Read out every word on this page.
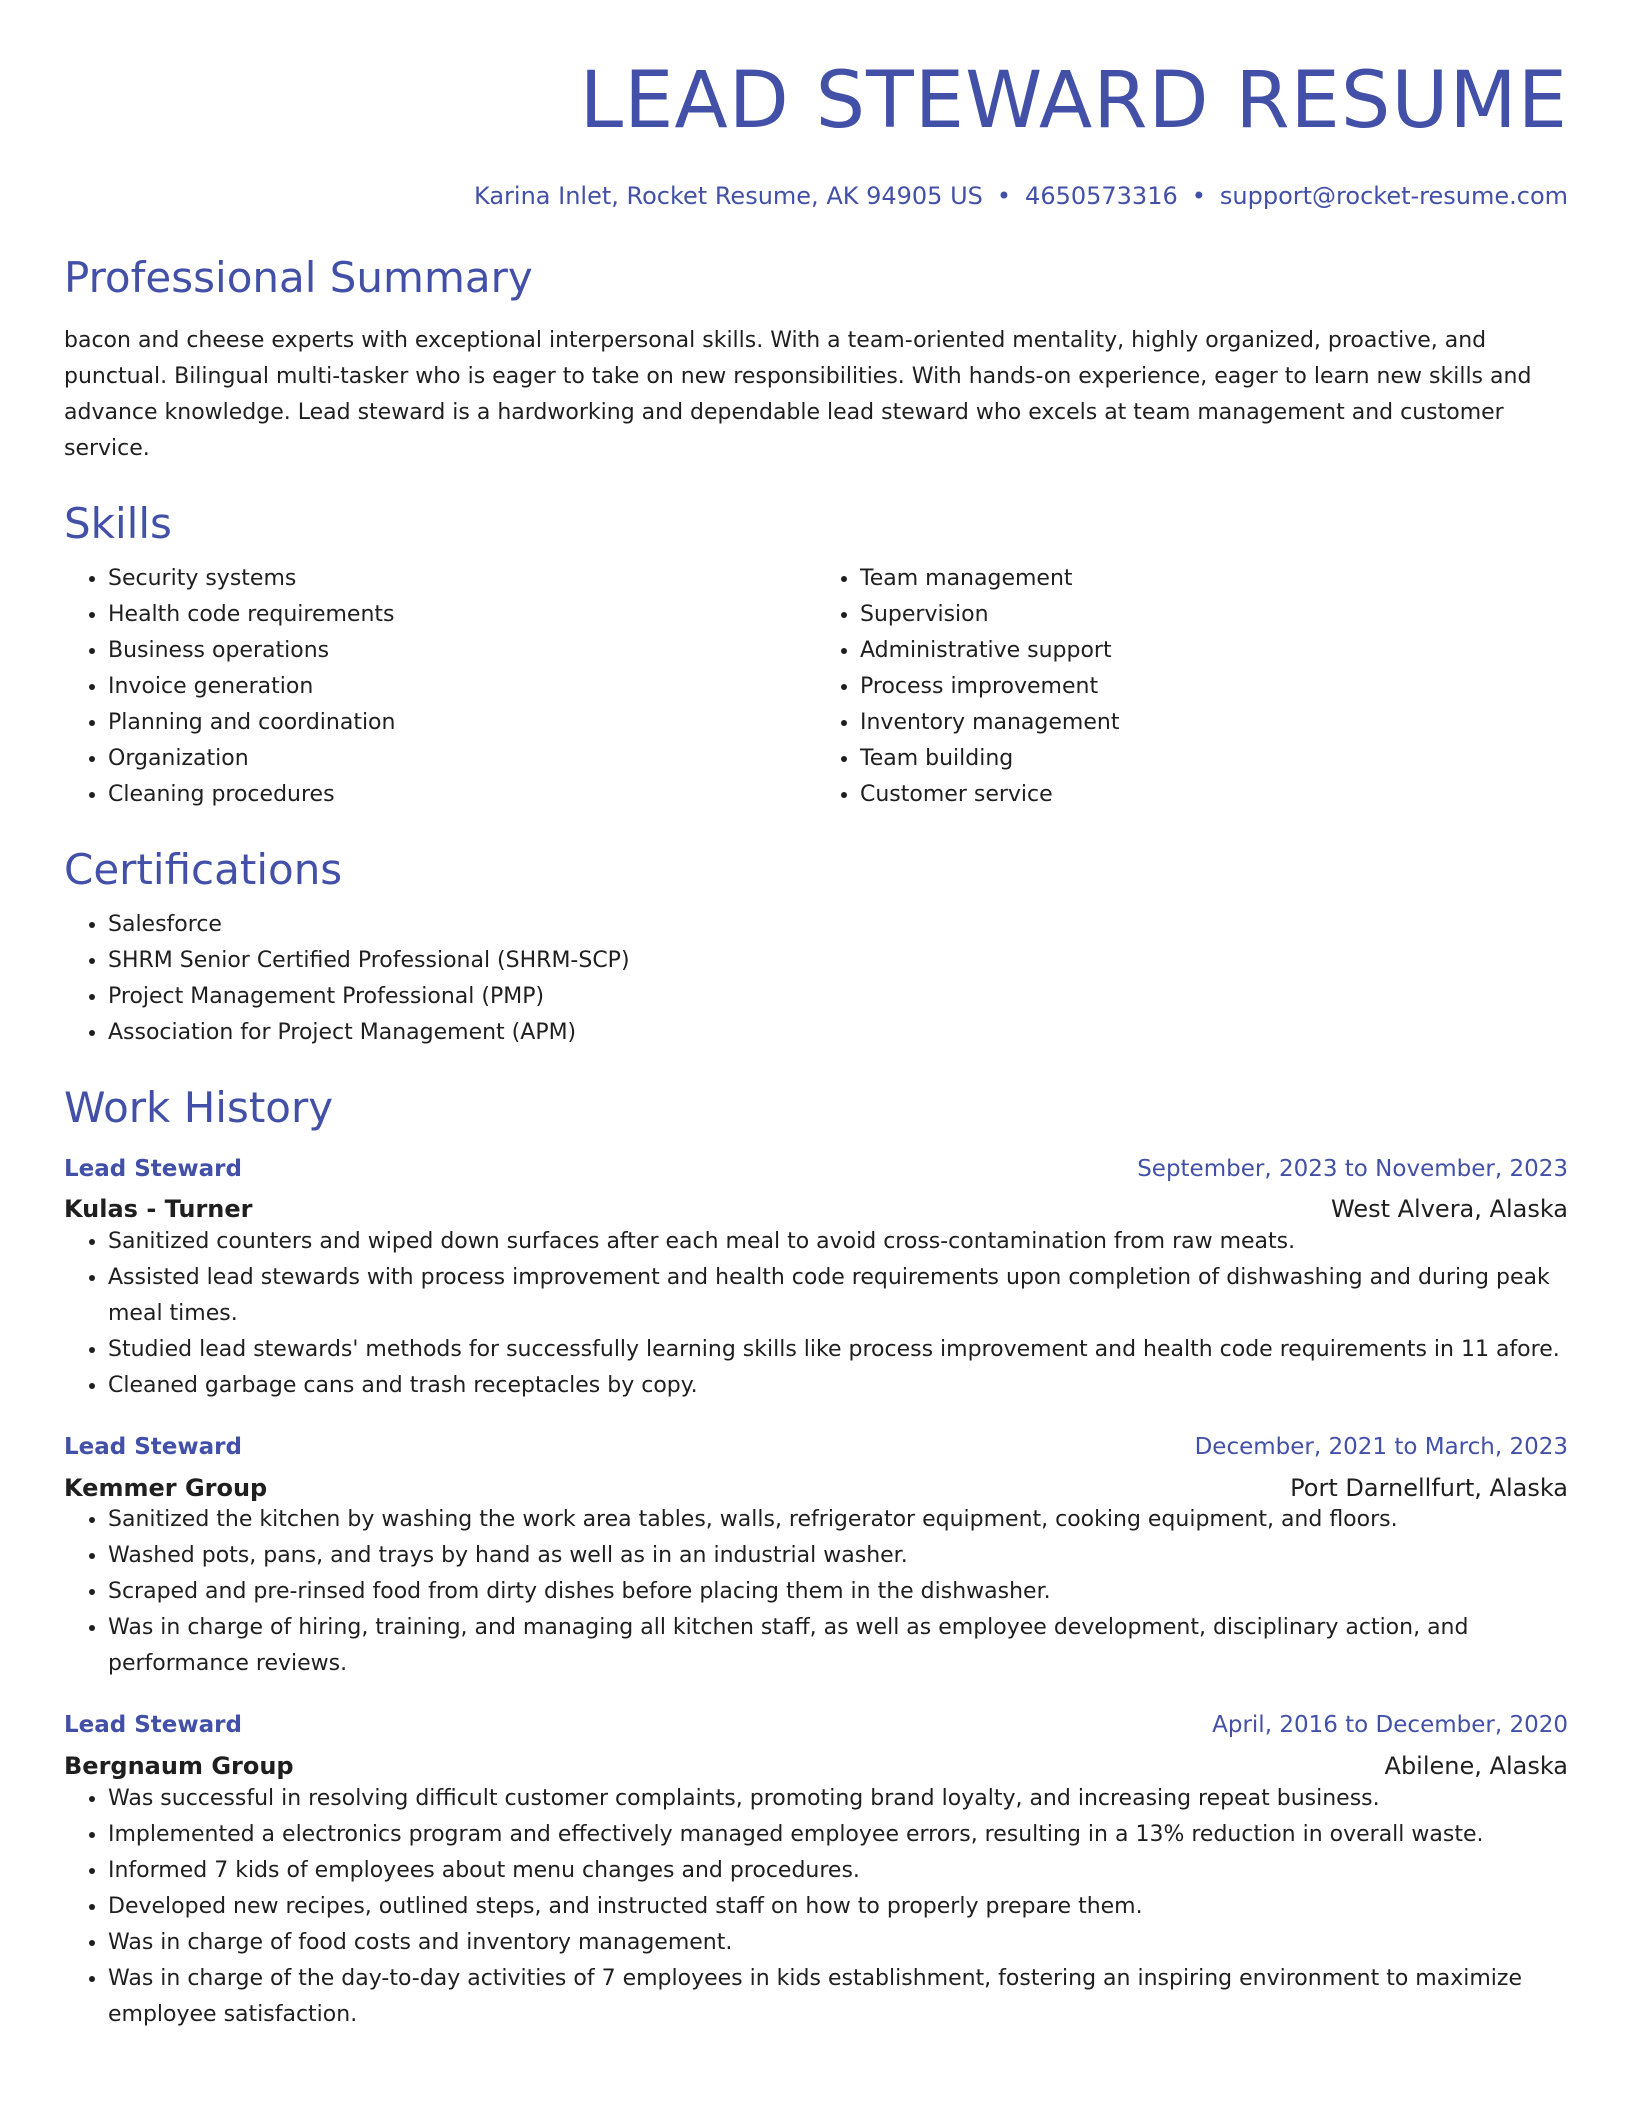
LEAD STEWARD RESUME
Karina Inlet, Rocket Resume, AK 94905 US • 4650573316 • support@rocket-resume.com
Professional Summary

bacon and cheese experts with exceptional interpersonal skills. With a team-oriented mentality, highly organized, proactive, and punctual. Bilingual multi-tasker who is eager to take on new responsibilities. With hands-on experience, eager to learn new skills and advance knowledge. Lead steward is a hardworking and dependable lead steward who excels at team management and customer service.

Skills
• Security systems
• Health code requirements
• Business operations
• Invoice generation
• Planning and coordination
• Organization
• Cleaning procedures
• Team management
• Supervision
• Administrative support
• Process improvement
• Inventory management
• Team building
• Customer service
Certifications
• Salesforce
• SHRM Senior Certified Professional (SHRM-SCP)
• Project Management Professional (PMP)
• Association for Project Management (APM)
Work History
Lead Steward	September, 2023 to November, 2023
Kulas - Turner	West Alvera, Alaska
• Sanitized counters and wiped down surfaces after each meal to avoid cross-contamination from raw meats.
• Assisted lead stewards with process improvement and health code requirements upon completion of dishwashing and during peak meal times.
• Studied lead stewards' methods for successfully learning skills like process improvement and health code requirements in 11 afore.
• Cleaned garbage cans and trash receptacles by copy.
Lead Steward	December, 2021 to March, 2023
Kemmer Group	Port Darnellfurt, Alaska
• Sanitized the kitchen by washing the work area tables, walls, refrigerator equipment, cooking equipment, and floors.
• Washed pots, pans, and trays by hand as well as in an industrial washer.
• Scraped and pre-rinsed food from dirty dishes before placing them in the dishwasher.
• Was in charge of hiring, training, and managing all kitchen staff, as well as employee development, disciplinary action, and performance reviews.
Lead Steward	April, 2016 to December, 2020
Bergnaum Group	Abilene, Alaska
• Was successful in resolving difficult customer complaints, promoting brand loyalty, and increasing repeat business.
• Implemented a electronics program and effectively managed employee errors, resulting in a 13% reduction in overall waste.
• Informed 7 kids of employees about menu changes and procedures.
• Developed new recipes, outlined steps, and instructed staff on how to properly prepare them.
• Was in charge of food costs and inventory management.
• Was in charge of the day-to-day activities of 7 employees in kids establishment, fostering an inspiring environment to maximize employee satisfaction.
